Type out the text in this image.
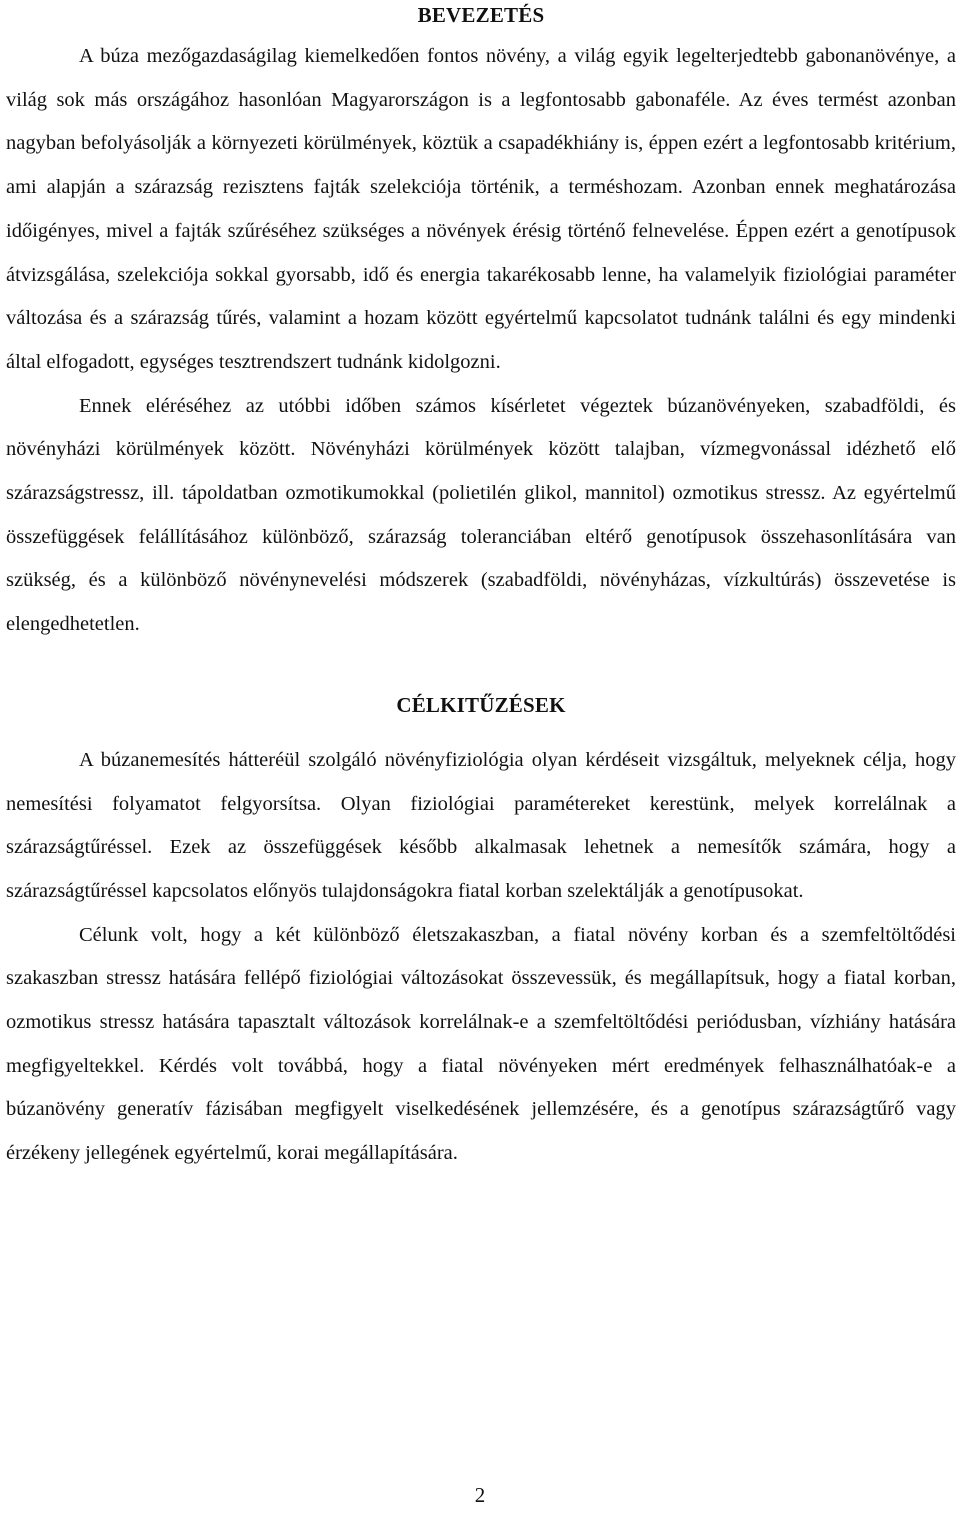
BEVEZETÉS

A búza mezőgazdaságilag kiemelkedően fontos növény, a világ egyik legelterjedtebb gabonanövénye, a világ sok más országához hasonlóan Magyarországon is a legfontosabb gabonaféle. Az éves termést azonban nagyban befolyásolják a környezeti körülmények, köztük a csapadékhiány is, éppen ezért a legfontosabb kritérium, ami alapján a szárazság rezisztens fajták szelekciója történik, a terméshozam. Azonban ennek meghatározása időigényes, mivel a fajták szűréséhez szükséges a növények érésig történő felnevelése. Éppen ezért a genotípusok átvizsgálása, szelekciója sokkal gyorsabb, idő és energia takarékosabb lenne, ha valamelyik fiziológiai paraméter változása és a szárazság tűrés, valamint a hozam között egyértelmű kapcsolatot tudnánk találni és egy mindenki által elfogadott, egységes tesztrendszert tudnánk kidolgozni.

Ennek eléréséhez az utóbbi időben számos kísérletet végeztek búzanövényeken, szabadföldi, és növényházi körülmények között. Növényházi körülmények között talajban, vízmegvonással idézhető elő szárazságstressz, ill. tápoldatban ozmotikumokkal (polietilén glikol, mannitol) ozmotikus stressz. Az egyértelmű összefüggések felállításához különböző, szárazság toleranciában eltérő genotípusok összehasonlítására van szükség, és a különböző növénynevelési módszerek (szabadföldi, növényházas, vízkultúrás) összevetése is elengedhetetlen.

CÉLKITŰZÉSEK

A búzanemesítés hátteréül szolgáló növényfiziológia olyan kérdéseit vizsgáltuk, melyeknek célja, hogy nemesítési folyamatot felgyorsítsa. Olyan fiziológiai paramétereket kerestünk, melyek korrelálnak a szárazságtűréssel. Ezek az összefüggések később alkalmasak lehetnek a nemesítők számára, hogy a szárazságtűréssel kapcsolatos előnyös tulajdonságokra fiatal korban szelektálják a genotípusokat.

Célunk volt, hogy a két különböző életszakaszban, a fiatal növény korban és a szemfeltöltődési szakaszban stressz hatására fellépő fiziológiai változásokat összevessük, és megállapítsuk, hogy a fiatal korban, ozmotikus stressz hatására tapasztalt változások korrelálnak-e a szemfeltöltődési periódusban, vízhiány hatására megfigyeltekkel. Kérdés volt továbbá, hogy a fiatal növényeken mért eredmények felhasználhatóak-e a búzanövény generatív fázisában megfigyelt viselkedésének jellemzésére, és a genotípus szárazságtűrő vagy érzékeny jellegének egyértelmű, korai megállapítására.

2
